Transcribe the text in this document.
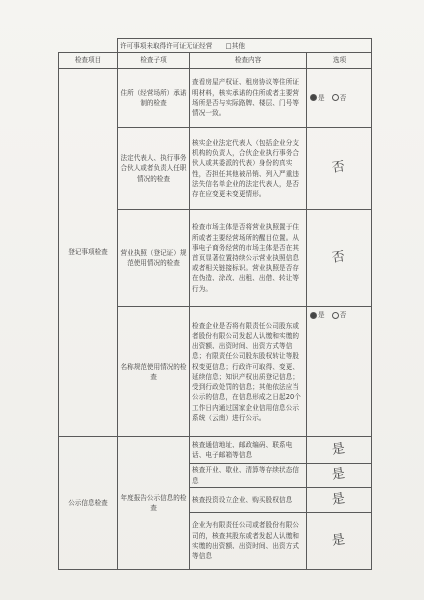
	许可事项未取得许可证无证经营　　□其他		
检查项目	检查子项	检查内容	选项
登记事项检查	住所（经营场所）承诺制的检查	查看房屋产权证、租房协议等住所证明材料，核实承诺的住所或者主要营场所是否与实际路牌、楼层、门号等情况一致。	是 否
	法定代表人、执行事务合伙人或者负责人任职情况的检查	核实企业法定代表人（包括企业分支机构的负责人，合伙企业执行事务合伙人或其委派的代表）身份的真实性，否担任其他被吊销、列入严重违法失信名单企业的法定代表人，是否存在应变更未变更情形。	否
	营业执照（登记证）规范使用情况的检查	检查市场主体是否将营业执照置于住所或者主要经营场所的醒目位置。从事电子商务经营的市场主体是否在其首页显著位置持续公示营业执照信息或者相关链接标识。营业执照是否存在伪造、涂改、出租、出借、转让等行为。	否
	名称规范使用情况的检查	检查企业是否将有限责任公司股东或者股份有限公司发起人认缴和实缴的出资额、出资时间、出资方式等信息；有限责任公司股东股权转让等股权变更信息；行政许可取得、变更、延续信息；知识产权出质登记信息；受到行政处罚的信息；其他依法应当公示的信息，在信息形成之日起20个工作日内通过国家企业信用信息公示系统（云南）进行公示。	是 否
公示信息检查	年度报告公示信息的检查	核查通信地址、邮政编码、联系电话、电子邮箱等信息	是
		核查开业、歇业、清算等存续状态信息	是
		核查投资设立企业、购买股权信息	是
		企业为有限责任公司或者股份有限公司的，核查其股东或者发起人认缴和实缴的出资额、出资时间、出资方式等信息	是
